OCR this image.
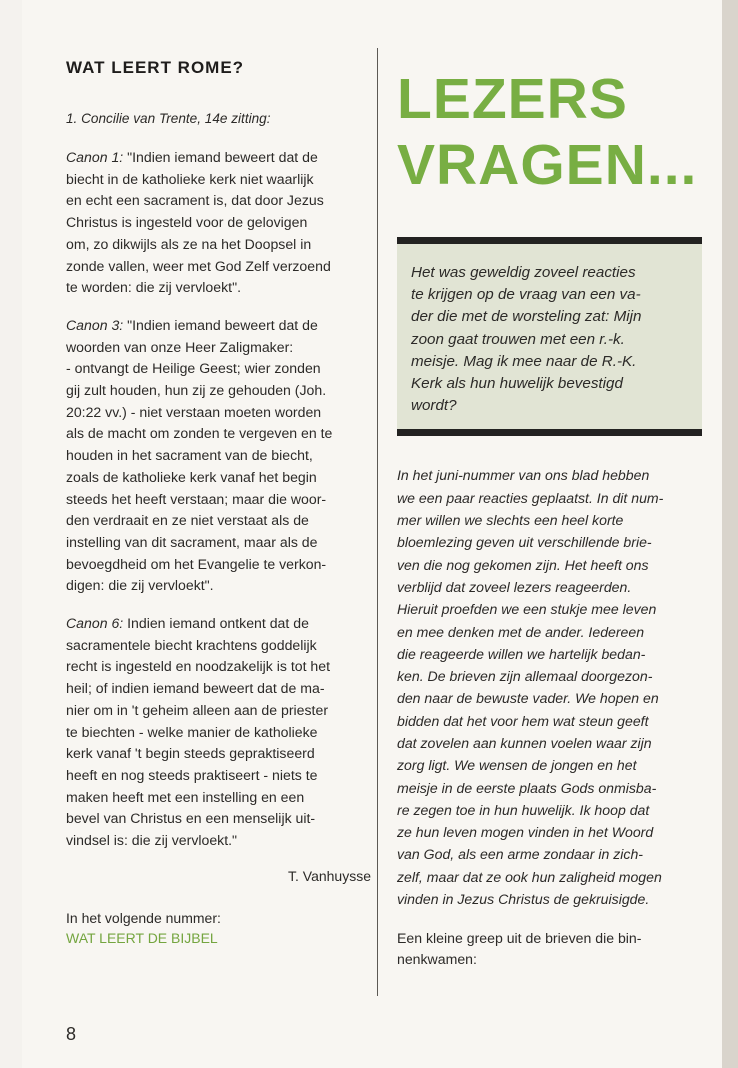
WAT LEERT ROME?

1. Concilie van Trente, 14e zitting:

Canon 1: "Indien iemand beweert dat de
biecht in de katholieke kerk niet waarlijk
en echt een sacrament is, dat door Jezus
Christus is ingesteld voor de gelovigen
om, zo dikwijls als ze na het Doopsel in
zonde vallen, weer met God Zelf verzoend
te worden: die zij vervloekt".

Canon 3: "Indien iemand beweert dat de
woorden van onze Heer Zaligmaker:
- ontvangt de Heilige Geest; wier zonden
gij zult houden, hun zij ze gehouden (Joh.
20:22 vv.) - niet verstaan moeten worden
als de macht om zonden te vergeven en te
houden in het sacrament van de biecht,
zoals de katholieke kerk vanaf het begin
steeds het heeft verstaan; maar die woor-
den verdraait en ze niet verstaat als de
instelling van dit sacrament, maar als de
bevoegdheid om het Evangelie te verkon-
digen: die zij vervloekt".

Canon 6: Indien iemand ontkent dat de
sacramentele biecht krachtens goddelijk
recht is ingesteld en noodzakelijk is tot het
heil; of indien iemand beweert dat de ma-
nier om in 't geheim alleen aan de priester
te biechten - welke manier de katholieke
kerk vanaf 't begin steeds gepraktiseerd
heeft en nog steeds praktiseert - niets te
maken heeft met een instelling en een
bevel van Christus en een menselijk uit-
vindsel is: die zij vervloekt."

T. Vanhuysse

In het volgende nummer:

WAT LEERT DE BIJBEL

LEZERS
VRAGEN...
Het was geweldig zoveel reacties
te krijgen op de vraag van een va-
der die met de worsteling zat: Mijn
zoon gaat trouwen met een r.-k.
meisje. Mag ik mee naar de R.-K.
Kerk als hun huwelijk bevestigd
wordt?
In het juni-nummer van ons blad hebben
we een paar reacties geplaatst. In dit num-
mer willen we slechts een heel korte
bloemlezing geven uit verschillende brie-
ven die nog gekomen zijn. Het heeft ons
verblijd dat zoveel lezers reageerden.
Hieruit proefden we een stukje mee leven
en mee denken met de ander. Iedereen
die reageerde willen we hartelijk bedan-
ken. De brieven zijn allemaal doorgezon-
den naar de bewuste vader. We hopen en
bidden dat het voor hem wat steun geeft
dat zovelen aan kunnen voelen waar zijn
zorg ligt. We wensen de jongen en het
meisje in de eerste plaats Gods onmisba-
re zegen toe in hun huwelijk. Ik hoop dat
ze hun leven mogen vinden in het Woord
van God, als een arme zondaar in zich-
zelf, maar dat ze ook hun zaligheid mogen
vinden in Jezus Christus de gekruisigde.
Een kleine greep uit de brieven die bin-
nenkwamen:
8
